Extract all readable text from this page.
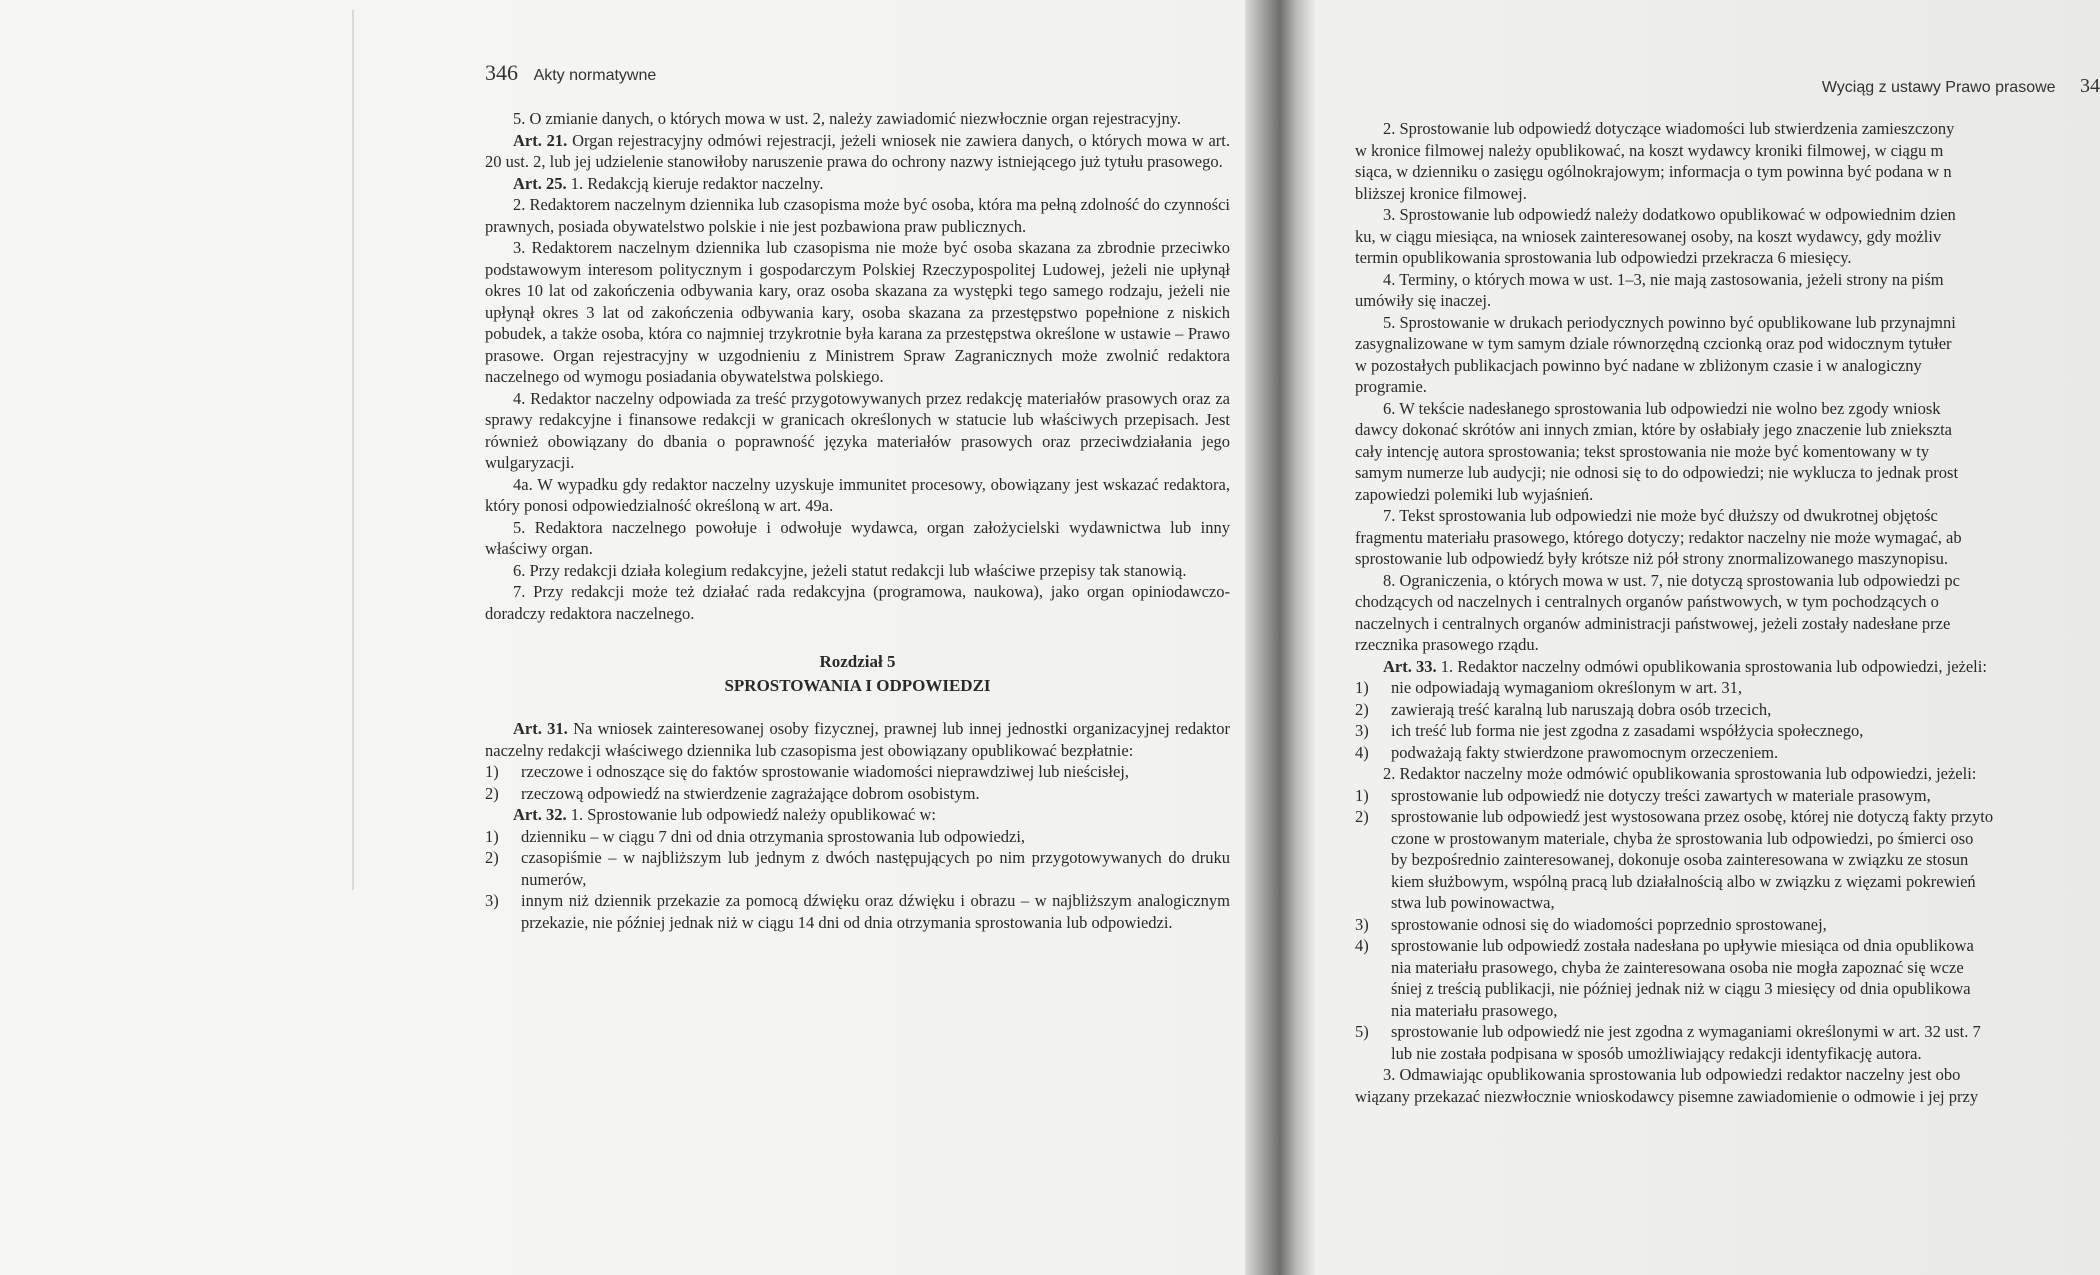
346 Akty normatywne

5. O zmianie danych, o których mowa w ust. 2, należy zawiadomić niezwłocznie organ rejestracyjny.

Art. 21. Organ rejestracyjny odmówi rejestracji, jeżeli wniosek nie zawiera danych, o których mowa w art. 20 ust. 2, lub jej udzielenie stanowiłoby naruszenie prawa do ochrony nazwy istniejącego już tytułu prasowego.

Art. 25. 1. Redakcją kieruje redaktor naczelny.

2. Redaktorem naczelnym dziennika lub czasopisma może być osoba, która ma pełną zdolność do czynności prawnych, posiada obywatelstwo polskie i nie jest pozbawiona praw publicznych.

3. Redaktorem naczelnym dziennika lub czasopisma nie może być osoba skazana za zbrodnie przeciwko podstawowym interesom politycznym i gospodarczym Polskiej Rzeczypospolitej Ludowej, jeżeli nie upłynął okres 10 lat od zakończenia odbywania kary, oraz osoba skazana za występki tego samego rodzaju, jeżeli nie upłynął okres 3 lat od zakończenia odbywania kary, osoba skazana za przestępstwo popełnione z niskich pobudek, a także osoba, która co najmniej trzykrotnie była karana za przestępstwa określone w ustawie – Prawo prasowe. Organ rejestracyjny w uzgodnieniu z Ministrem Spraw Zagranicznych może zwolnić redaktora naczelnego od wymogu posiadania obywatelstwa polskiego.

4. Redaktor naczelny odpowiada za treść przygotowywanych przez redakcję materiałów prasowych oraz za sprawy redakcyjne i finansowe redakcji w granicach określonych w statucie lub właściwych przepisach. Jest również obowiązany do dbania o poprawność języka materiałów prasowych oraz przeciwdziałania jego wulgaryzacji.

4a. W wypadku gdy redaktor naczelny uzyskuje immunitet procesowy, obowiązany jest wskazać redaktora, który ponosi odpowiedzialność określoną w art. 49a.

5. Redaktora naczelnego powołuje i odwołuje wydawca, organ założycielski wydawnictwa lub inny właściwy organ.

6. Przy redakcji działa kolegium redakcyjne, jeżeli statut redakcji lub właściwe przepisy tak stanowią.

7. Przy redakcji może też działać rada redakcyjna (programowa, naukowa), jako organ opiniodawczo-doradczy redaktora naczelnego.

Rozdział 5
SPROSTOWANIA I ODPOWIEDZI

Art. 31. Na wniosek zainteresowanej osoby fizycznej, prawnej lub innej jednostki organizacyjnej redaktor naczelny redakcji właściwego dziennika lub czasopisma jest obowiązany opublikować bezpłatnie:

1)	rzeczowe i odnoszące się do faktów sprostowanie wiadomości nieprawdziwej lub nieścisłej,
2)	rzeczową odpowiedź na stwierdzenie zagrażające dobrom osobistym.

Art. 32. 1. Sprostowanie lub odpowiedź należy opublikować w:

1)	dzienniku – w ciągu 7 dni od dnia otrzymania sprostowania lub odpowiedzi,
2)	czasopiśmie – w najbliższym lub jednym z dwóch następujących po nim przygotowywanych do druku numerów,
3)	innym niż dziennik przekazie za pomocą dźwięku oraz dźwięku i obrazu – w najbliższym analogicznym przekazie, nie później jednak niż w ciągu 14 dni od dnia otrzymania sprostowania lub odpowiedzi.
Wyciąg z ustawy Prawo prasowe 34

2. Sprostowanie lub odpowiedź dotyczące wiadomości lub stwierdzenia zamieszczony

w kronice filmowej należy opublikować, na koszt wydawcy kroniki filmowej, w ciągu m

siąca, w dzienniku o zasięgu ogólnokrajowym; informacja o tym powinna być podana w n

bliższej kronice filmowej.

3. Sprostowanie lub odpowiedź należy dodatkowo opublikować w odpowiednim dzien

ku, w ciągu miesiąca, na wniosek zainteresowanej osoby, na koszt wydawcy, gdy możliv

termin opublikowania sprostowania lub odpowiedzi przekracza 6 miesięcy.

4. Terminy, o których mowa w ust. 1–3, nie mają zastosowania, jeżeli strony na piśm

umówiły się inaczej.

5. Sprostowanie w drukach periodycznych powinno być opublikowane lub przynajmni

zasygnalizowane w tym samym dziale równorzędną czcionką oraz pod widocznym tytułer

w pozostałych publikacjach powinno być nadane w zbliżonym czasie i w analogiczny

programie.

6. W tekście nadesłanego sprostowania lub odpowiedzi nie wolno bez zgody wniosk

dawcy dokonać skrótów ani innych zmian, które by osłabiały jego znaczenie lub zniekszta

cały intencję autora sprostowania; tekst sprostowania nie może być komentowany w ty

samym numerze lub audycji; nie odnosi się to do odpowiedzi; nie wyklucza to jednak prost

zapowiedzi polemiki lub wyjaśnień.

7. Tekst sprostowania lub odpowiedzi nie może być dłuższy od dwukrotnej objętośc

fragmentu materiału prasowego, którego dotyczy; redaktor naczelny nie może wymagać, ab

sprostowanie lub odpowiedź były krótsze niż pół strony znormalizowanego maszynopisu.

8. Ograniczenia, o których mowa w ust. 7, nie dotyczą sprostowania lub odpowiedzi pc

chodzących od naczelnych i centralnych organów państwowych, w tym pochodzących o

naczelnych i centralnych organów administracji państwowej, jeżeli zostały nadesłane prze

rzecznika prasowego rządu.

Art. 33. 1. Redaktor naczelny odmówi opublikowania sprostowania lub odpowiedzi, jeżeli:

1)	nie odpowiadają wymaganiom określonym w art. 31,
2)	zawierają treść karalną lub naruszają dobra osób trzecich,
3)	ich treść lub forma nie jest zgodna z zasadami współżycia społecznego,
4)	podważają fakty stwierdzone prawomocnym orzeczeniem.

2. Redaktor naczelny może odmówić opublikowania sprostowania lub odpowiedzi, jeżeli:

1)	sprostowanie lub odpowiedź nie dotyczy treści zawartych w materiale prasowym,
2)	sprostowanie lub odpowiedź jest wystosowana przez osobę, której nie dotyczą fakty przyto
czone w prostowanym materiale, chyba że sprostowania lub odpowiedzi, po śmierci oso
by bezpośrednio zainteresowanej, dokonuje osoba zainteresowana w związku ze stosun
kiem służbowym, wspólną pracą lub działalnością albo w związku z więzami pokrewień
stwa lub powinowactwa,
3)	sprostowanie odnosi się do wiadomości poprzednio sprostowanej,
4)	sprostowanie lub odpowiedź została nadesłana po upływie miesiąca od dnia opublikowa
nia materiału prasowego, chyba że zainteresowana osoba nie mogła zapoznać się wcze
śniej z treścią publikacji, nie później jednak niż w ciągu 3 miesięcy od dnia opublikowa
nia materiału prasowego,
5)	sprostowanie lub odpowiedź nie jest zgodna z wymaganiami określonymi w art. 32 ust. 7
lub nie została podpisana w sposób umożliwiający redakcji identyfikację autora.

3. Odmawiając opublikowania sprostowania lub odpowiedzi redaktor naczelny jest obo

wiązany przekazać niezwłocznie wnioskodawcy pisemne zawiadomienie o odmowie i jej przy
